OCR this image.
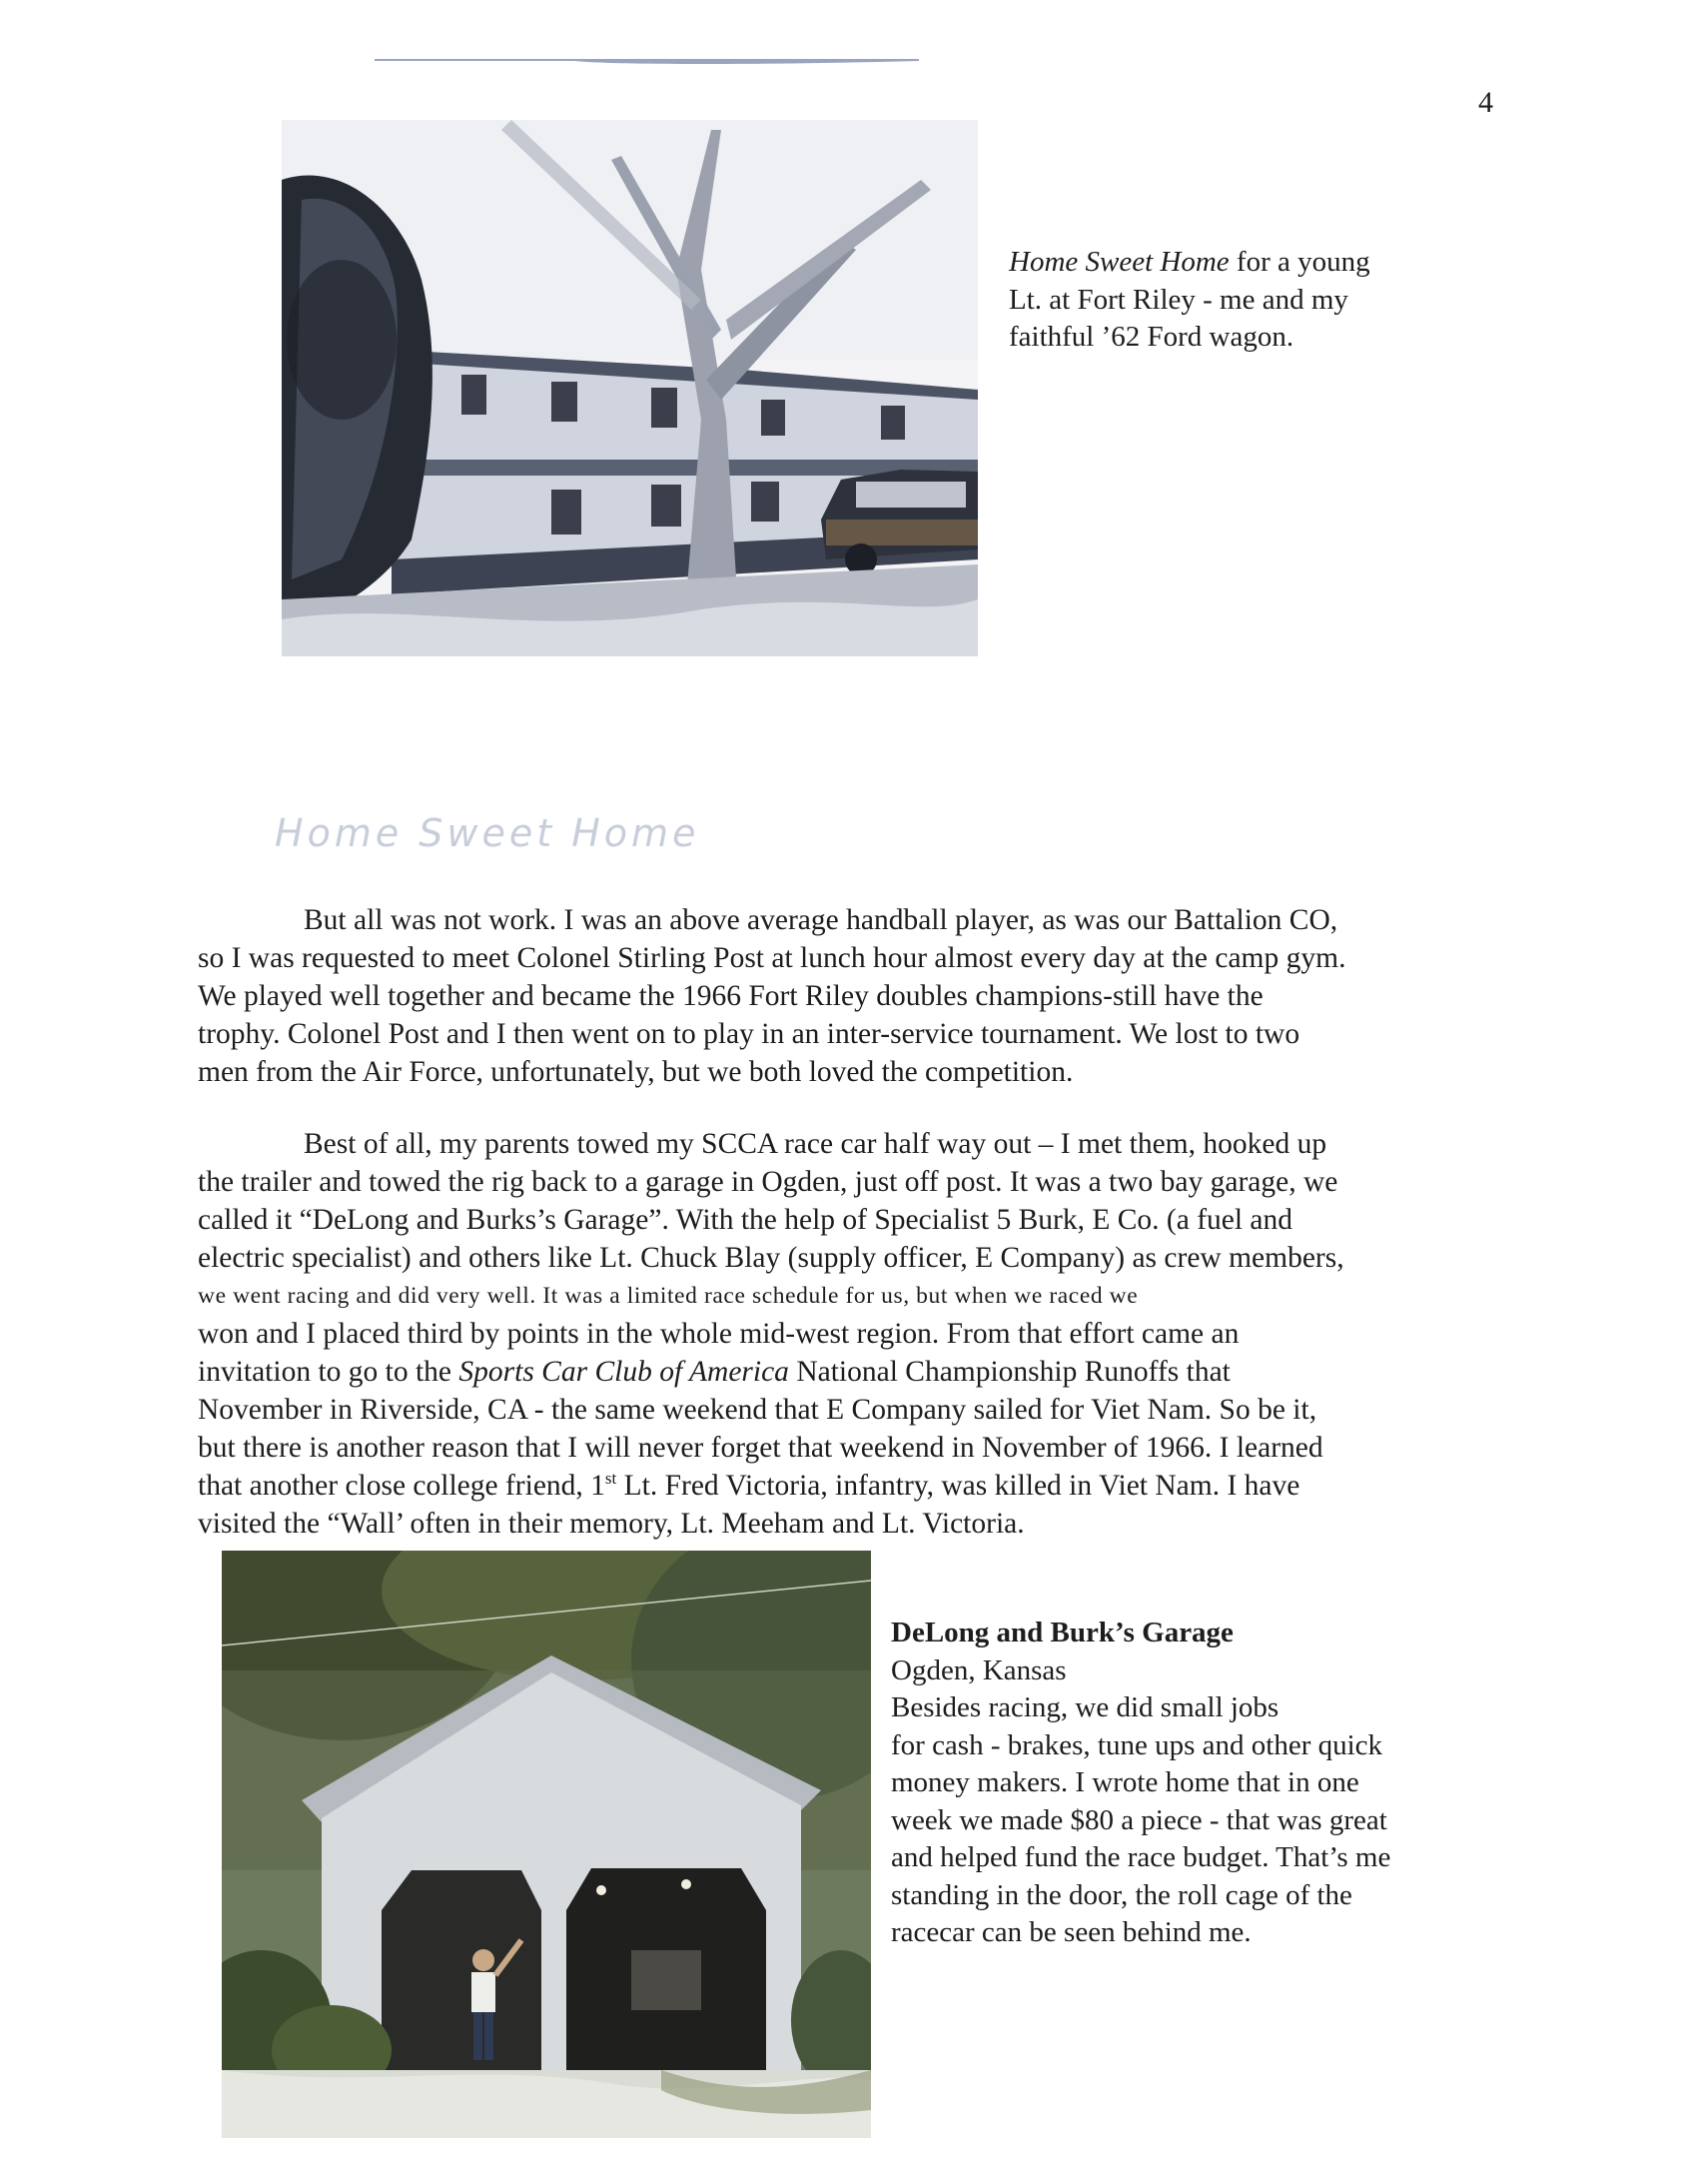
4
Home Sweet Home for a young
Lt. at Fort Riley - me and my
faithful ’62 Ford wagon.
Home Sweet Home
But all was not work. I was an above average handball player, as was our Battalion CO,
so I was requested to meet Colonel Stirling Post at lunch hour almost every day at the camp gym.
We played well together and became the 1966 Fort Riley doubles champions-still have the
trophy. Colonel Post and I then went on to play in an inter-service tournament. We lost to two
men from the Air Force, unfortunately, but we both loved the competition.
Best of all, my parents towed my SCCA race car half way out – I met them, hooked up
the trailer and towed the rig back to a garage in Ogden, just off post. It was a two bay garage, we
called it “DeLong and Burks’s Garage”. With the help of Specialist 5 Burk, E Co. (a fuel and
electric specialist) and others like Lt. Chuck Blay (supply officer, E Company) as crew members,
we went racing and did very well. It was a limited race schedule for us, but when we raced we
won and I placed third by points in the whole mid-west region. From that effort came an
invitation to go to the Sports Car Club of America National Championship Runoffs that
November in Riverside, CA - the same weekend that E Company sailed for Viet Nam. So be it,
but there is another reason that I will never forget that weekend in November of 1966. I learned
that another close college friend, 1st Lt. Fred Victoria, infantry, was killed in Viet Nam. I have
visited the “Wall’ often in their memory, Lt. Meeham and Lt. Victoria.
DeLong and Burk’s Garage
Ogden, Kansas
Besides racing, we did small jobs
for cash - brakes, tune ups and other quick
money makers. I wrote home that in one
week we made $80 a piece - that was great
and helped fund the race budget. That’s me
standing in the door, the roll cage of the
racecar can be seen behind me.
